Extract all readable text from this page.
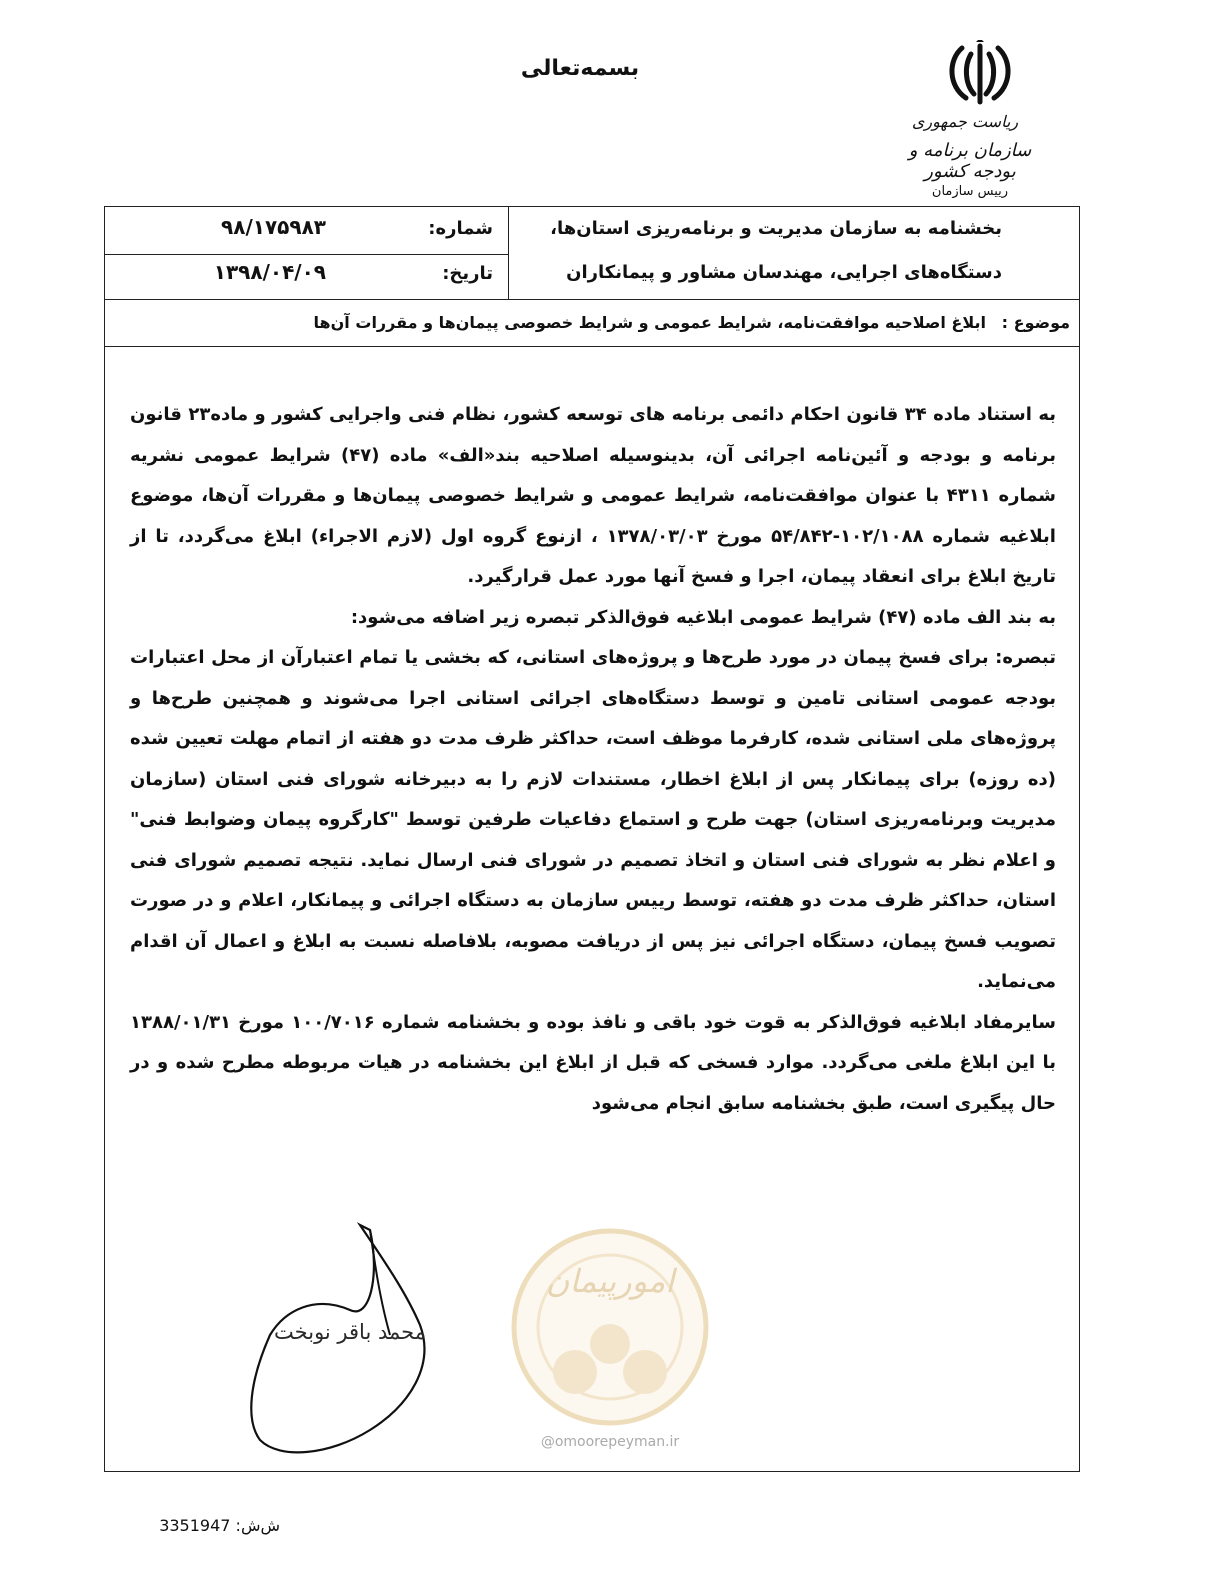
بسمه‌تعالی
ریاست جمهوری
سازمان برنامه و بودجه کشور
رییس سازمان
بخشنامه به سازمان مدیریت و برنامه‌ریزی استان‌ها،
دستگاه‌های اجرایی، مهندسان مشاور و پیمانکاران
شماره:
۹۸/۱۷۵۹۸۳
تاریخ:
۱۳۹۸/۰۴/۰۹
موضوع :
ابلاغ اصلاحیه موافقت‌نامه، شرایط عمومی و شرایط خصوصی پیمان‌ها و مقررات آن‌ها

به استناد ماده ۳۴ قانون احکام دائمی برنامه های توسعه کشور، نظام فنی واجرایی کشور و ماده۲۳ قانون برنامه و بودجه و آئین‌نامه اجرائی آن، بدینوسیله اصلاحیه بند«الف» ماده (۴۷) شرایط عمومی نشریه شماره ۴۳۱۱ با عنوان موافقت‌نامه، شرایط عمومی و شرایط خصوصی پیمان‌ها و مقررات آن‌ها، موضوع ابلاغیه شماره ۱۰۲/۱۰۸۸-۵۴/۸۴۲ مورخ ۱۳۷۸/۰۳/۰۳ ، ازنوع گروه اول (لازم الاجراء) ابلاغ می‌گردد، تا از تاریخ ابلاغ برای انعقاد پیمان، اجرا و فسخ آنها مورد عمل قرارگیرد.

به بند الف ماده (۴۷) شرایط عمومی ابلاغیه فوق‌الذکر تبصره زیر اضافه می‌شود:

تبصره: برای فسخ پیمان در مورد طرح‌ها و پروژه‌های استانی، که بخشی یا تمام اعتبارآن از محل اعتبارات بودجه عمومی استانی تامین و توسط دستگاه‌های اجرائی استانی اجرا می‌شوند و همچنین طرح‌ها و پروژه‌های ملی استانی شده، کارفرما موظف است، حداکثر ظرف مدت دو هفته از اتمام مهلت تعیین شده (ده روزه) برای پیمانکار پس از ابلاغ اخطار، مستندات لازم را به دبیرخانه شورای فنی استان (سازمان مدیریت وبرنامه‌ریزی استان) جهت طرح و استماع دفاعیات طرفین توسط "کارگروه پیمان وضوابط فنی" و اعلام نظر به شورای فنی استان و اتخاذ تصمیم در شورای فنی ارسال نماید. نتیجه تصمیم شورای فنی استان، حداکثر ظرف مدت دو هفته، توسط رییس سازمان به دستگاه اجرائی و پیمانکار، اعلام و در صورت تصویب فسخ پیمان، دستگاه اجرائی نیز پس از دریافت مصوبه، بلافاصله نسبت به ابلاغ و اعمال آن اقدام می‌نماید.

سایرمفاد ابلاغیه فوق‌الذکر به قوت خود باقی و نافذ بوده و بخشنامه شماره ۱۰۰/۷۰۱۶ مورخ ۱۳۸۸/۰۱/۳۱ با این ابلاغ ملغی می‌گردد. موارد فسخی که قبل از ابلاغ این بخشنامه در هیات مربوطه مطرح شده و در حال پیگیری است، طبق بخشنامه سابق انجام می‌شود

محمد باقر نوبخت
امورپیمان
@omoorepeyman.ir
ش‌ش: 3351947
